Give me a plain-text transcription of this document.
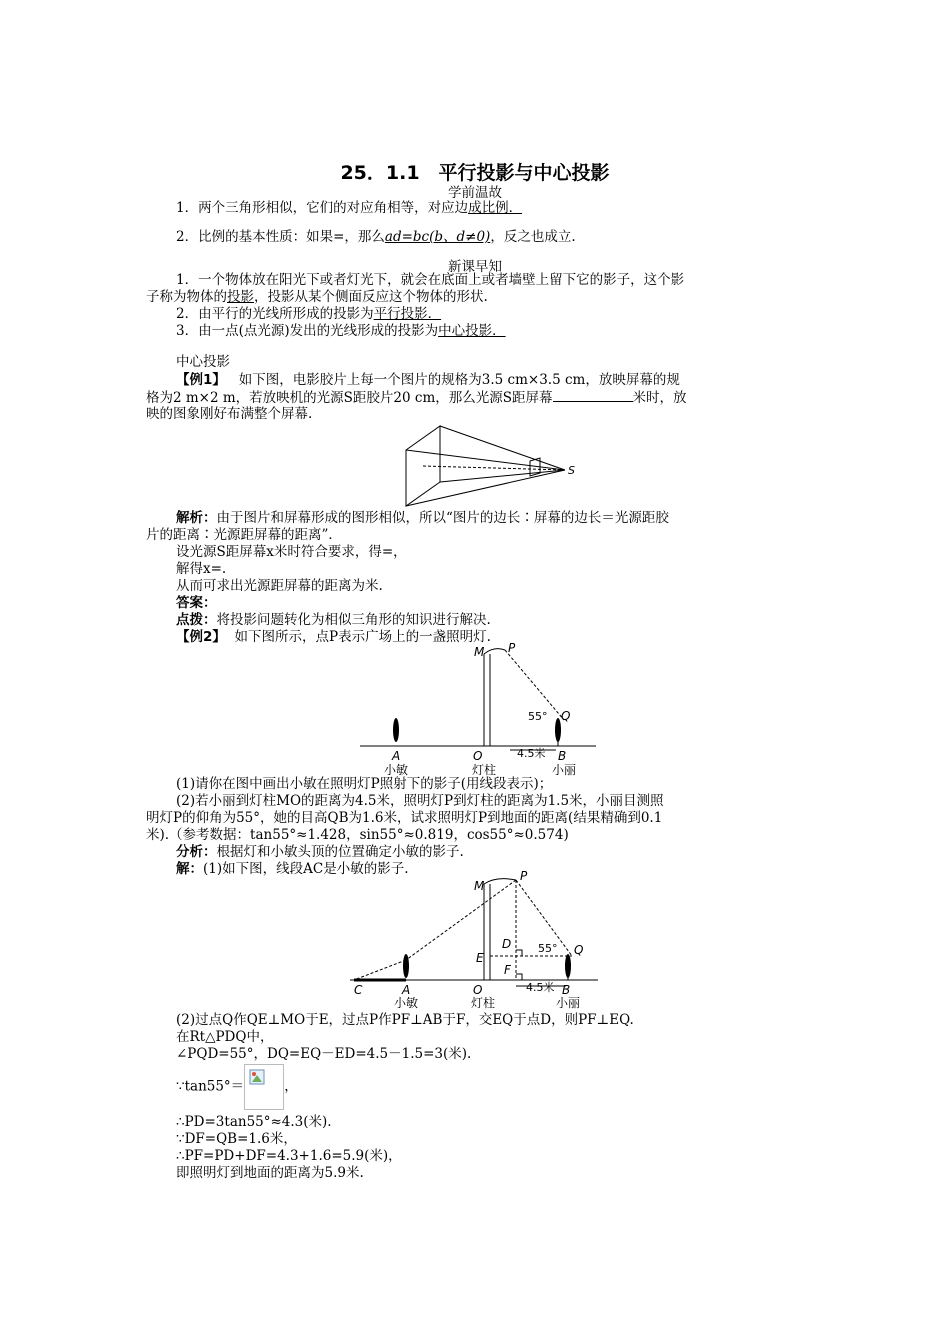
25．1.1　平行投影与中心投影
学前温故
1．两个三角形相似，它们的对应角相等，对应边成比例．
2．比例的基本性质：如果=，那么ad=bc(b、d≠0)，反之也成立.
新课早知
1．一个物体放在阳光下或者灯光下，就会在底面上或者墙壁上留下它的影子，这个影
子称为物体的投影，投影从某个侧面反应这个物体的形状.
2．由平行的光线所形成的投影为平行投影．
3．由一点(点光源)发出的光线形成的投影为中心投影．
中心投影
【例1】 如下图，电影胶片上每一个图片的规格为3.5 cm×3.5 cm，放映屏幕的规
格为2 m×2 m，若放映机的光源S距胶片20 cm，那么光源S距屏幕	米时，放
映的图象刚好布满整个屏幕.
S
解析：由于图片和屏幕形成的图形相似，所以“图片的边长∶屏幕的边长＝光源距胶
片的距离∶光源距屏幕的距离”．
设光源S距屏幕x米时符合要求，得=，
解得x=.
从而可求出光源距屏幕的距离为米.
答案：
点拨：将投影问题转化为相似三角形的知识进行解决.
【例2】 如下图所示，点P表示广场上的一盏照明灯.
M P
Q
55°
A	O	B
4.5米
小敏	灯柱	小丽
(1)请你在图中画出小敏在照明灯P照射下的影子(用线段表示)；
(2)若小丽到灯柱MO的距离为4.5米，照明灯P到灯柱的距离为1.5米，小丽目测照
明灯P的仰角为55°，她的目高QB为1.6米，试求照明灯P到地面的距离(结果精确到0.1
米).（参考数据：tan55°≈1.428，sin55°≈0.819，cos55°≈0.574)
分析：根据灯和小敏头顶的位置确定小敏的影子.
解：(1)如下图，线段AC是小敏的影子.
M
P
Q
D
E
F
55°
C	A	O	B
4.5米
小敏	灯柱	小丽
(2)过点Q作QE⊥MO于E，过点P作PF⊥AB于F，交EQ于点D，则PF⊥EQ.
在Rt△PDQ中，
∠PQD=55°，DQ=EQ－ED=4.5－1.5=3(米).
∵tan55°＝	，
∴PD=3tan55°≈4.3(米).
∵DF=QB=1.6米，
∴PF=PD+DF=4.3+1.6=5.9(米)，
即照明灯到地面的距离为5.9米.
